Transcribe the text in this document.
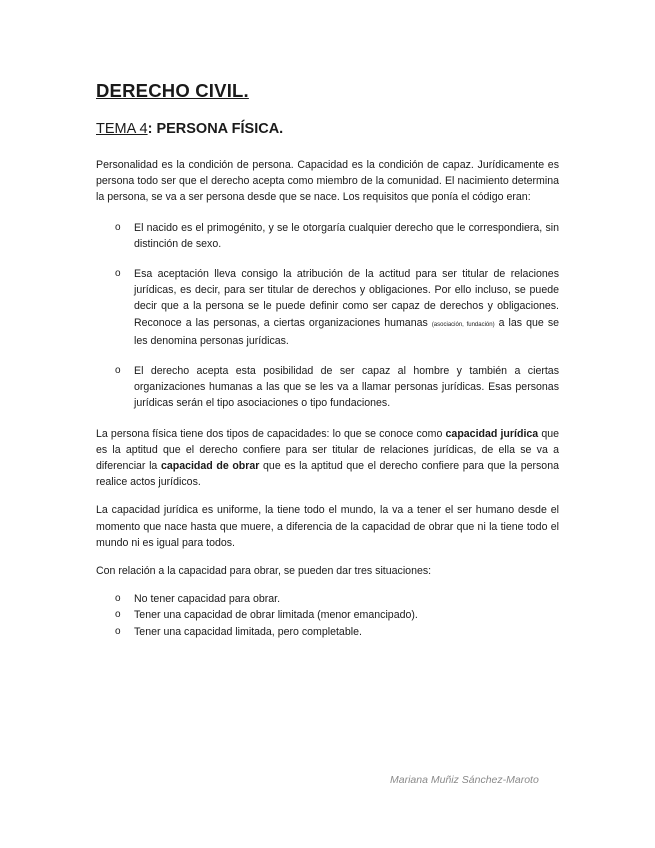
DERECHO CIVIL.
TEMA 4: PERSONA FÍSICA.

Personalidad es la condición de persona. Capacidad es la condición de capaz. Jurídicamente es persona todo ser que el derecho acepta como miembro de la comunidad. El nacimiento determina la persona, se va a ser persona desde que se nace. Los requisitos que ponía el código eran:

o El nacido es el primogénito, y se le otorgaría cualquier derecho que le correspondiera, sin distinción de sexo.
o Esa aceptación lleva consigo la atribución de la actitud para ser titular de relaciones jurídicas, es decir, para ser titular de derechos y obligaciones. Por ello incluso, se puede decir que a la persona se le puede definir como ser capaz de derechos y obligaciones. Reconoce a las personas, a ciertas organizaciones humanas (asociación, fundación) a las que se les denomina personas jurídicas.
o El derecho acepta esta posibilidad de ser capaz al hombre y también a ciertas organizaciones humanas a las que se les va a llamar personas jurídicas. Esas personas jurídicas serán el tipo asociaciones o tipo fundaciones.

La persona física tiene dos tipos de capacidades: lo que se conoce como capacidad jurídica que es la aptitud que el derecho confiere para ser titular de relaciones jurídicas, de ella se va a diferenciar la capacidad de obrar que es la aptitud que el derecho confiere para que la persona realice actos jurídicos.

La capacidad jurídica es uniforme, la tiene todo el mundo, la va a tener el ser humano desde el momento que nace hasta que muere, a diferencia de la capacidad de obrar que ni la tiene todo el mundo ni es igual para todos.

Con relación a la capacidad para obrar, se pueden dar tres situaciones:

o No tener capacidad para obrar.
o Tener una capacidad de obrar limitada (menor emancipado).
o Tener una capacidad limitada, pero completable.
Mariana Muñiz Sánchez-Maroto
